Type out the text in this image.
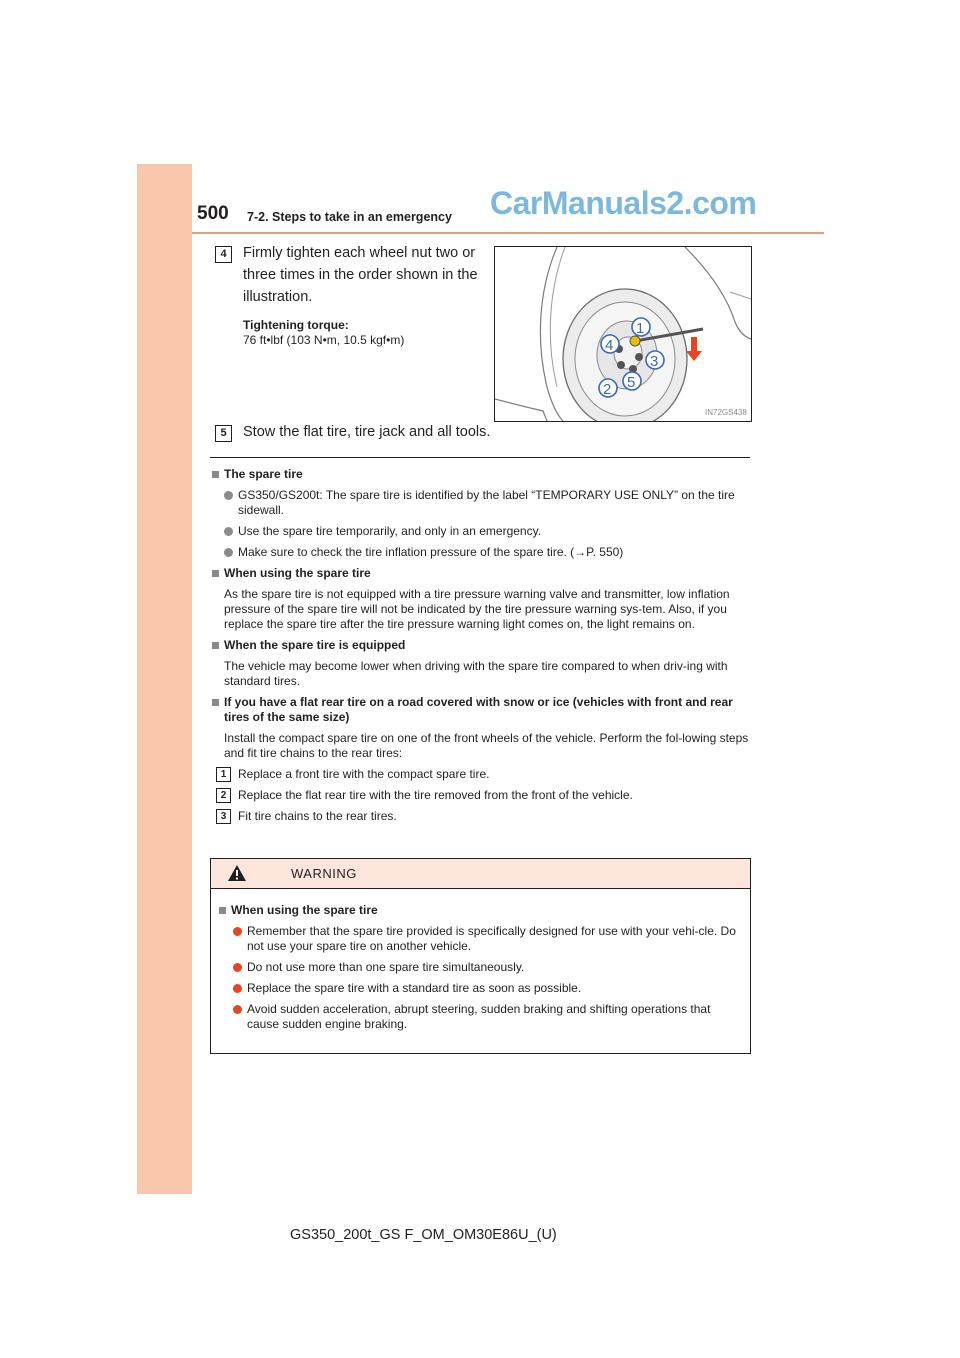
500 7-2. Steps to take in an emergency CarManuals2.com
4	Firmly tighten each wheel nut two or three times in the order shown in the illustration.
Tightening torque:
76 ft•lbf (103 N•m, 10.5 kgf•m)
1
2
3
4
5
IN72GS438
5	Stow the flat tire, tire jack and all tools.
The spare tire
GS350/GS200t: The spare tire is identified by the label “TEMPORARY USE ONLY” on the tire sidewall.
Use the spare tire temporarily, and only in an emergency.
Make sure to check the tire inflation pressure of the spare tire. (→P. 550)
When using the spare tire
As the spare tire is not equipped with a tire pressure warning valve and transmitter, low inflation pressure of the spare tire will not be indicated by the tire pressure warning sys-tem. Also, if you replace the spare tire after the tire pressure warning light comes on, the light remains on.
When the spare tire is equipped
The vehicle may become lower when driving with the spare tire compared to when driv-ing with standard tires.
If you have a flat rear tire on a road covered with snow or ice (vehicles with front and rear tires of the same size)
Install the compact spare tire on one of the front wheels of the vehicle. Perform the fol-lowing steps and fit tire chains to the rear tires:
1 Replace a front tire with the compact spare tire.
2 Replace the flat rear tire with the tire removed from the front of the vehicle.
3 Fit tire chains to the rear tires.
WARNING
When using the spare tire
Remember that the spare tire provided is specifically designed for use with your vehi-cle. Do not use your spare tire on another vehicle.
Do not use more than one spare tire simultaneously.
Replace the spare tire with a standard tire as soon as possible.
Avoid sudden acceleration, abrupt steering, sudden braking and shifting operations that cause sudden engine braking.
GS350_200t_GS F_OM_OM30E86U_(U)
